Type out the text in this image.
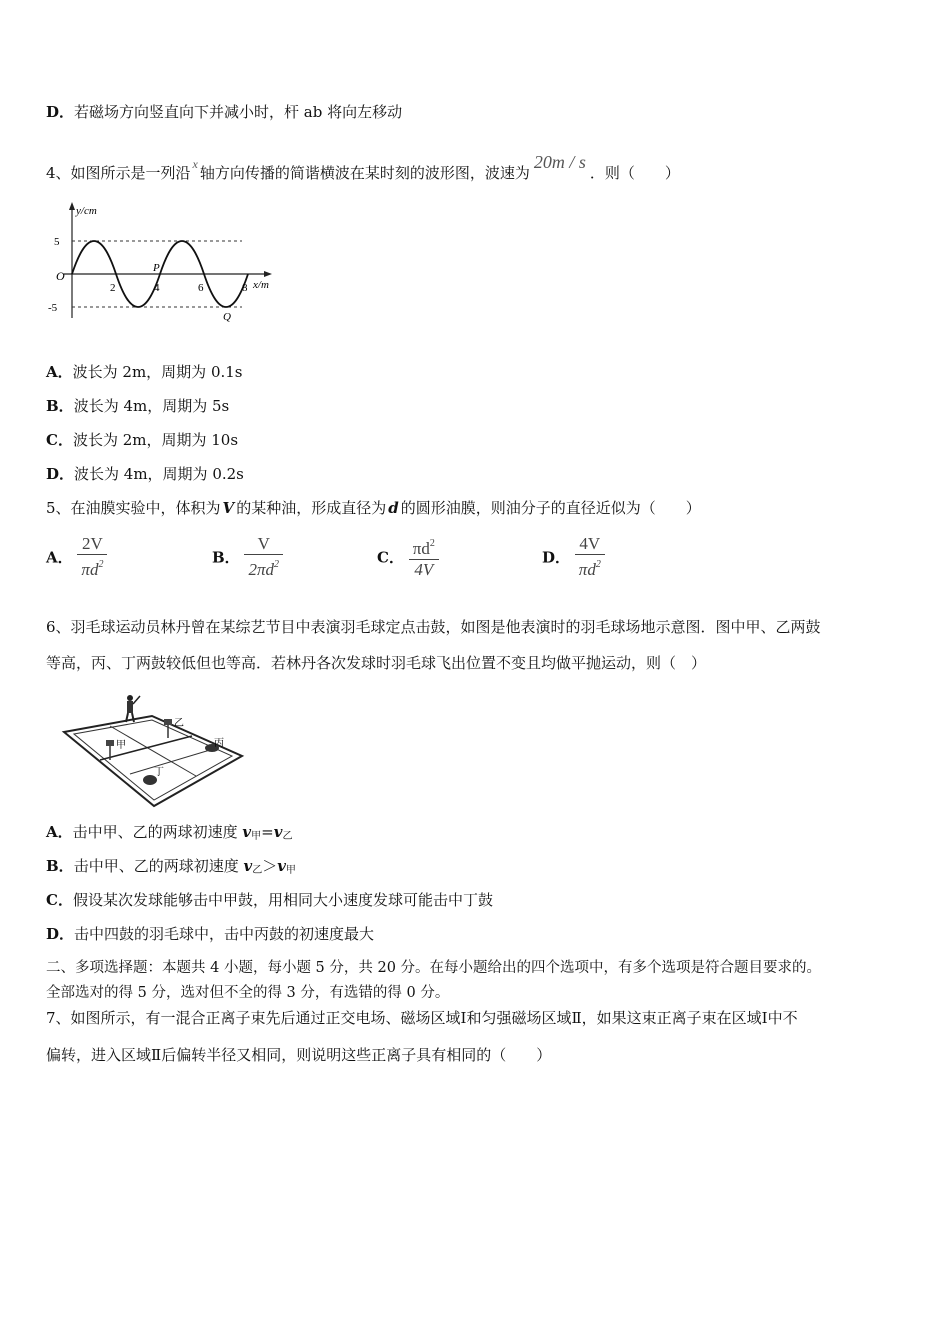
D．若磁场方向竖直向下并减小时，杆 ab 将向左移动
4、如图所示是一列沿 $^x$ 轴方向传播的简谐横波在某时刻的波形图，波速为20m / s．则（　　）
y/cm
x/m
O
5
-5
2	4	6	8
P
Q
A．波长为 2m，周期为 0.1s
B．波长为 4m，周期为 5s
C．波长为 2m，周期为 10s
D．波长为 4m，周期为 0.2s
5、在油膜实验中，体积为 V 的某种油，形成直径为 d 的圆形油膜，则油分子的直径近似为（　　）
A． $\frac{2V}{\pi d^2}$	B． $\frac{V}{2\pi d^2}$	C． $\frac{\pi d^2}{4V}$	D． $\frac{4V}{\pi d^2}$
6、羽毛球运动员林丹曾在某综艺节目中表演羽毛球定点击鼓，如图是他表演时的羽毛球场地示意图．图中甲、乙两鼓
等高，丙、丁两鼓较低但也等高．若林丹各次发球时羽毛球飞出位置不变且均做平抛运动，则（　）
乙
甲	丙
丁
A．击中甲、乙的两球初速度 $v_甲=v_乙$
B．击中甲、乙的两球初速度 $v_乙>v_甲$
C．假设某次发球能够击中甲鼓，用相同大小速度发球可能击中丁鼓
D．击中四鼓的羽毛球中，击中丙鼓的初速度最大
二、多项选择题：本题共 4 小题，每小题 5 分，共 20 分。在每小题给出的四个选项中，有多个选项是符合题目要求的。
全部选对的得 5 分，选对但不全的得 3 分，有选错的得 0 分。
7、如图所示，有一混合正离子束先后通过正交电场、磁场区域Ⅰ和匀强磁场区域Ⅱ，如果这束正离子束在区域Ⅰ中不
偏转，进入区域Ⅱ后偏转半径又相同，则说明这些正离子具有相同的（　　）
